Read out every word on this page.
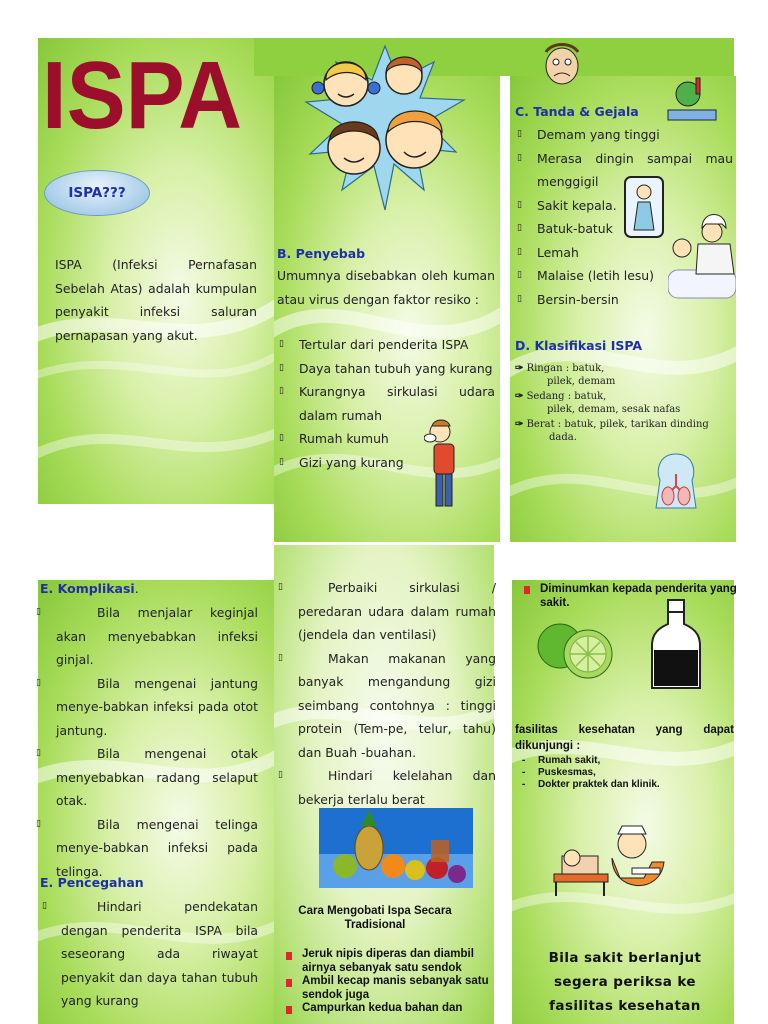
ISPA
ISPA???
ISPA (Infeksi Pernafasan Sebelah Atas) adalah kumpulan penyakit infeksi saluran pernapasan yang akut.
B. Penyebab
Umumnya disebabkan oleh kuman atau virus dengan faktor resiko :
▯ Tertular dari penderita ISPA
▯ Daya tahan tubuh yang kurang
▯ Kurangnya sirkulasi udara dalam rumah
▯ Rumah kumuh
▯ Gizi yang kurang
C. Tanda & Gejala
▯ Demam yang tinggi
▯ Merasa dingin sampai mau menggigil
▯ Sakit kepala.
▯ Batuk-batuk
▯ Lemah
▯ Malaise (letih lesu)
▯ Bersin-bersin
D. Klasifikasi ISPA
✑ Ringan : batuk,
pilek, demam
✑ Sedang : batuk,
pilek, demam, sesak nafas
✑ Berat : batuk, pilek, tarikan dinding
dada.
E. Komplikasi.
▯	Bila menjalar keginjal akan menyebabkan infeksi ginjal.
▯	Bila mengenai jantung menye-babkan infeksi pada otot jantung.
▯	Bila mengenai otak menyebabkan radang selaput otak.
▯	Bila mengenai telinga menye-babkan infeksi pada telinga.
E. Pencegahan
▯	Hindari pendekatan dengan penderita ISPA bila seseorang ada riwayat penyakit dan daya tahan tubuh yang kurang
▯	Perbaiki sirkulasi / peredaran udara dalam rumah (jendela dan ventilasi)
▯	Makan makanan yang banyak mengandung gizi seimbang contohnya : tinggi protein (Tem-pe, telur, tahu) dan Buah -buahan.
▯	Hindari kelelahan dan bekerja terlalu berat
Cara Mengobati Ispa Secara Tradisional
Jeruk nipis diperas dan diambil airnya sebanyak satu sendok
Ambil kecap manis sebanyak satu sendok juga
Campurkan kedua bahan dan
Diminumkan kepada penderita yang sakit.
fasilitas kesehatan yang dapat dikunjungi :
- Rumah sakit,
- Puskesmas,
- Dokter praktek dan klinik.
Bila sakit berlanjut segera periksa ke fasilitas kesehatan
